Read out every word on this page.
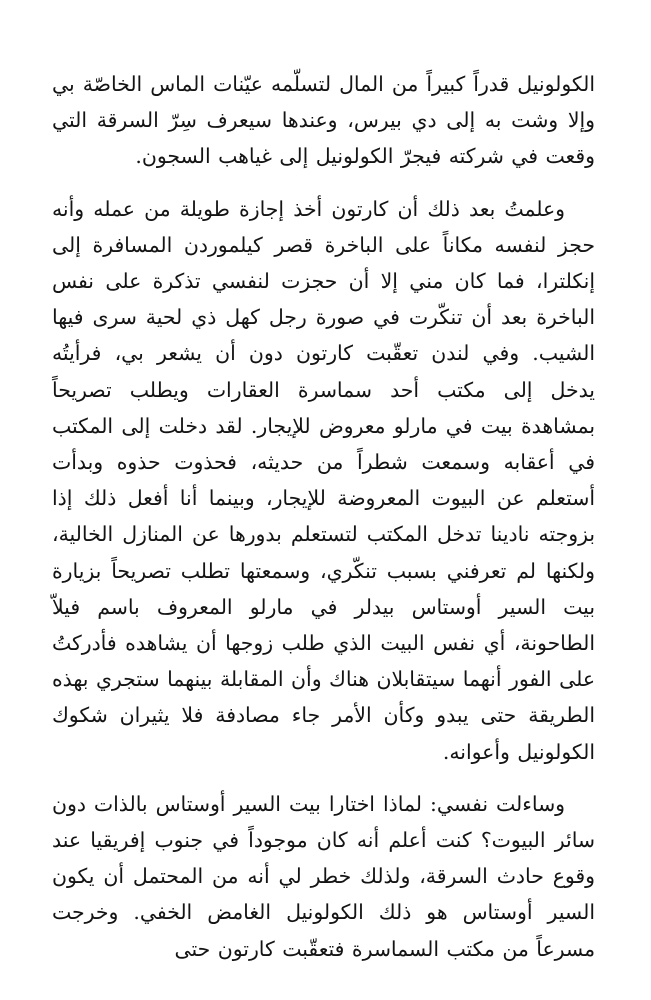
الكولونيل قدراً كبيراً من المال لتسلّمه عيّنات الماس الخاصّة بي وإلا وشت به إلى دي بيرس، وعندها سيعرف سِرّ السرقة التي وقعت في شركته فيجرّ الكولونيل إلى غياهب السجون.

وعلمتُ بعد ذلك أن كارتون أخذ إجازة طويلة من عمله وأنه حجز لنفسه مكاناً على الباخرة قصر كيلموردن المسافرة إلى إنكلترا، فما كان مني إلا أن حجزت لنفسي تذكرة على نفس الباخرة بعد أن تنكّرت في صورة رجل كهل ذي لحية سرى فيها الشيب. وفي لندن تعقّبت كارتون دون أن يشعر بي، فرأيتُه يدخل إلى مكتب أحد سماسرة العقارات ويطلب تصريحاً بمشاهدة بيت في مارلو معروض للإيجار. لقد دخلت إلى المكتب في أعقابه وسمعت شطراً من حديثه، فحذوت حذوه وبدأت أستعلم عن البيوت المعروضة للإيجار، وبينما أنا أفعل ذلك إذا بزوجته نادينا تدخل المكتب لتستعلم بدورها عن المنازل الخالية، ولكنها لم تعرفني بسبب تنكّري، وسمعتها تطلب تصريحاً بزيارة بيت السير أوستاس بيدلر في مارلو المعروف باسم فيلاّ الطاحونة، أي نفس البيت الذي طلب زوجها أن يشاهده فأدركتُ على الفور أنهما سيتقابلان هناك وأن المقابلة بينهما ستجري بهذه الطريقة حتى يبدو وكأن الأمر جاء مصادفة فلا يثيران شكوك الكولونيل وأعوانه.

وساءلت نفسي: لماذا اختارا بيت السير أوستاس بالذات دون سائر البيوت؟ كنت أعلم أنه كان موجوداً في جنوب إفريقيا عند وقوع حادث السرقة، ولذلك خطر لي أنه من المحتمل أن يكون السير أوستاس هو ذلك الكولونيل الغامض الخفي. وخرجت مسرعاً من مكتب السماسرة فتعقّبت كارتون حتى
